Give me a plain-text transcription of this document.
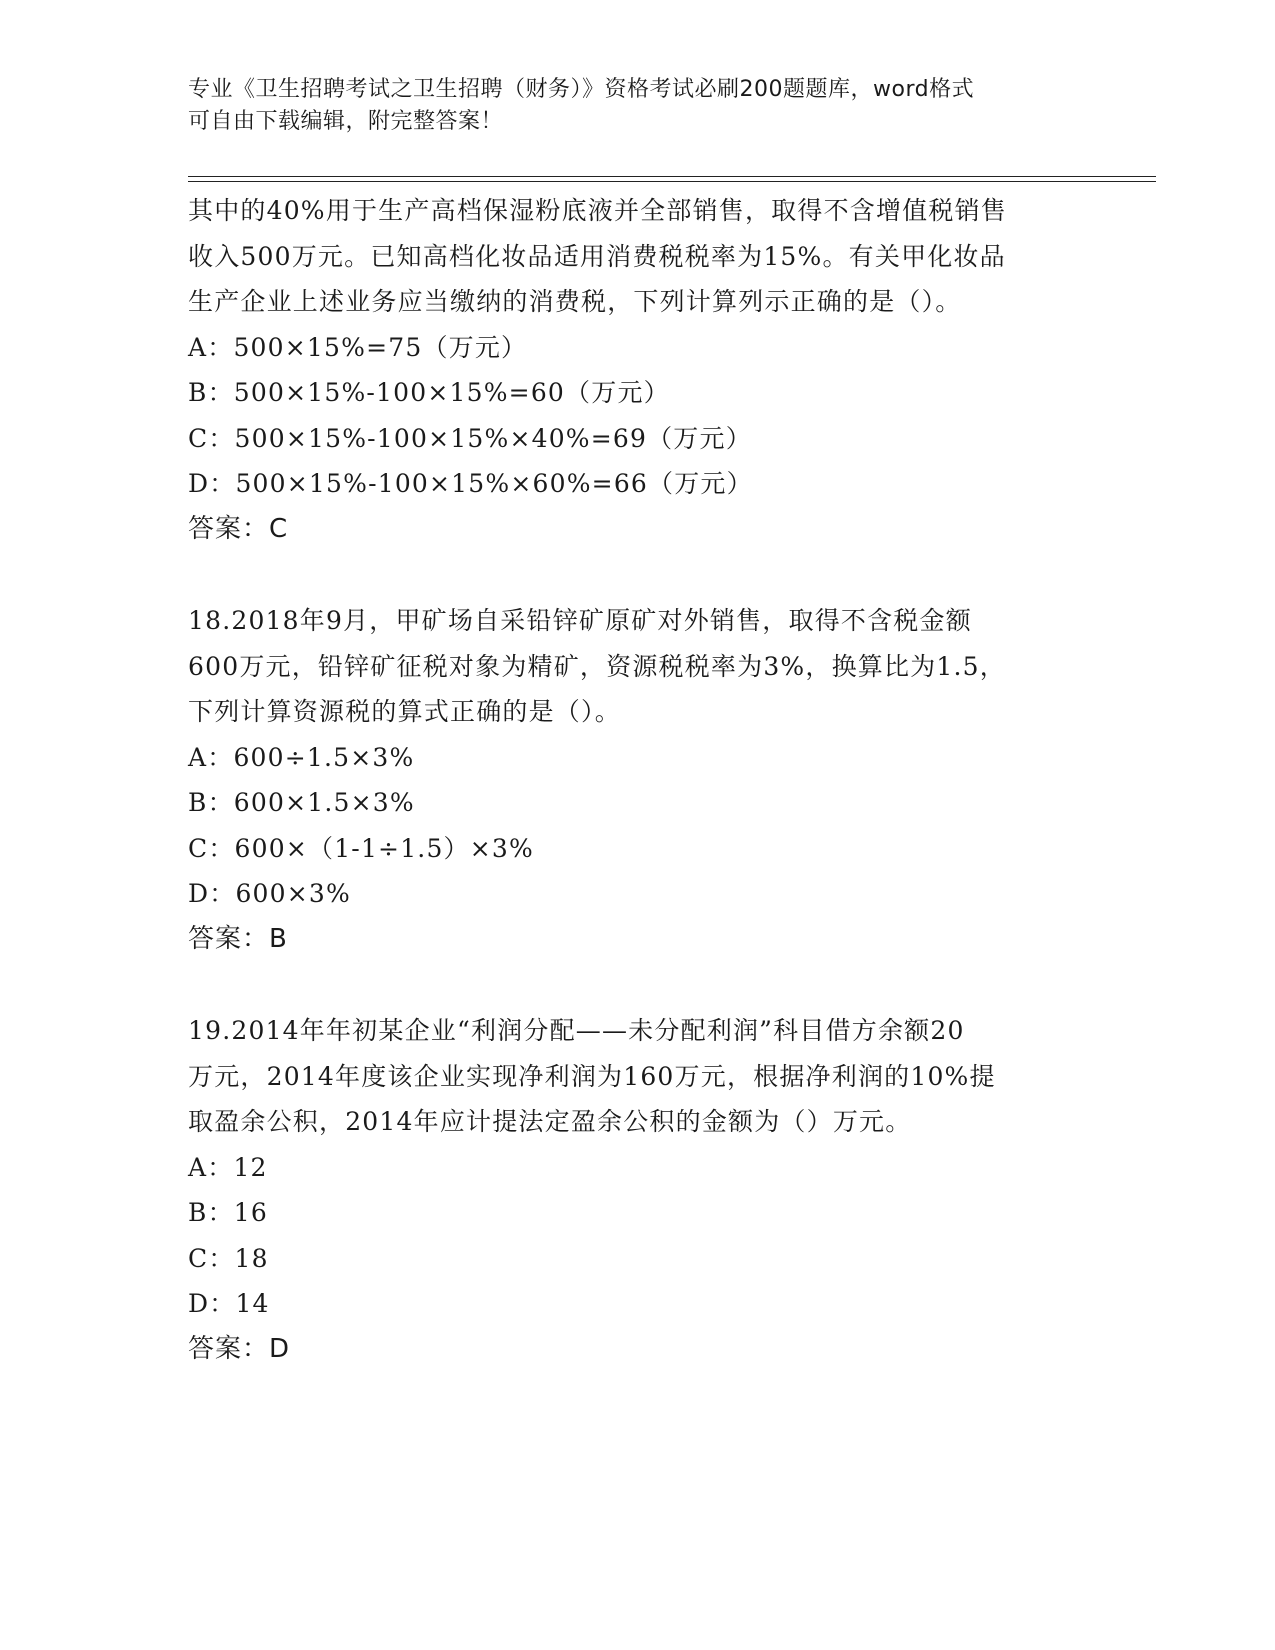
专业《卫生招聘考试之卫生招聘（财务）》资格考试必刷200题题库，word格式
可自由下载编辑，附完整答案！
其中的40%用于生产高档保湿粉底液并全部销售，取得不含增值税销售
收入500万元。已知高档化妆品适用消费税税率为15%。有关甲化妆品
生产企业上述业务应当缴纳的消费税，下列计算列示正确的是（）。
A：500×15%=75（万元）
B：500×15%-100×15%=60（万元）
C：500×15%-100×15%×40%=69（万元）
D：500×15%-100×15%×60%=66（万元）
答案：C
18.2018年9月，甲矿场自采铅锌矿原矿对外销售，取得不含税金额
600万元，铅锌矿征税对象为精矿，资源税税率为3%，换算比为1.5，
下列计算资源税的算式正确的是（）。
A：600÷1.5×3%
B：600×1.5×3%
C：600×（1-1÷1.5）×3%
D：600×3%
答案：B
19.2014年年初某企业“利润分配——未分配利润”科目借方余额20
万元，2014年度该企业实现净利润为160万元，根据净利润的10%提
取盈余公积，2014年应计提法定盈余公积的金额为（）万元。
A：12
B：16
C：18
D：14
答案：D
